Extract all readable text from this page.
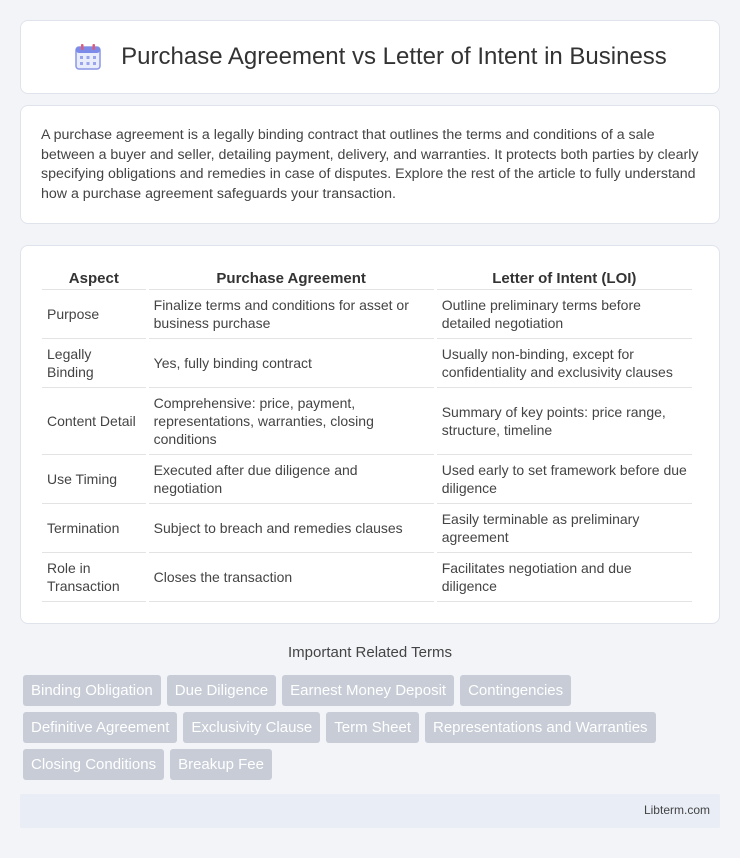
Purchase Agreement vs Letter of Intent in Business

A purchase agreement is a legally binding contract that outlines the terms and conditions of a sale between a buyer and seller, detailing payment, delivery, and warranties. It protects both parties by clearly specifying obligations and remedies in case of disputes. Explore the rest of the article to fully understand how a purchase agreement safeguards your transaction.

Aspect	Purchase Agreement	Letter of Intent (LOI)
Purpose	Finalize terms and conditions for asset or business purchase	Outline preliminary terms before detailed negotiation
Legally Binding	Yes, fully binding contract	Usually non-binding, except for confidentiality and exclusivity clauses
Content Detail	Comprehensive: price, payment, representations, warranties, closing conditions	Summary of key points: price range, structure, timeline
Use Timing	Executed after due diligence and negotiation	Used early to set framework before due diligence
Termination	Subject to breach and remedies clauses	Easily terminable as preliminary agreement
Role in Transaction	Closes the transaction	Facilitates negotiation and due diligence
Important Related Terms
Binding Obligation	Due Diligence	Earnest Money Deposit	Contingencies
Definitive Agreement	Exclusivity Clause	Term Sheet	Representations and Warranties
Closing Conditions	Breakup Fee
Libterm.com
